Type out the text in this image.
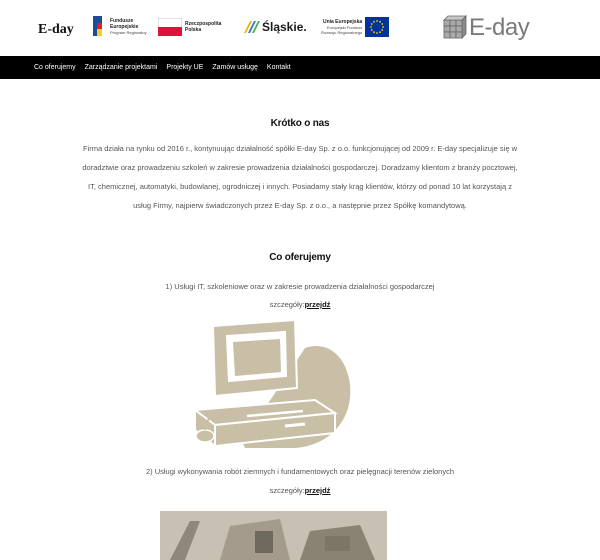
E-day
Fundusze
Europejskie
Program Regionalny
Rzeczpospolita
Polska	Śląskie.	Unia Europejska
Europejski Fundusz
Rozwoju Regionalnego	E-day
Co oferujemy Zarządzanie projektami Projekty UE Zamów usługę Kontakt
Krótko o nas
Firma działa na rynku od 2016 r., kontynuując działalność spółki E-day Sp. z o.o. funkcjonującej od 2009 r. E-day specjalizuje się w doradztwie oraz prowadzeniu szkoleń w zakresie prowadzenia działalności gospodarczej. Doradzamy klientom z branży pocztowej, IT, chemicznej, automatyki, budowlanej, ogrodniczej i innych. Posiadamy stały krąg klientów, którzy od ponad 10 lat korzystają z usług Firmy, najpierw świadczonych przez E-day Sp. z o.o., a następnie przez Spółkę komandytową.
Co oferujemy
1) Usługi IT, szkoleniowe oraz w zakresie prowadzenia działalności gospodarczej
szczegóły:przejdź
2) Usługi wykonywania robót ziemnych i fundamentowych oraz pielęgnacji terenów zielonych
szczegóły:przejdź
